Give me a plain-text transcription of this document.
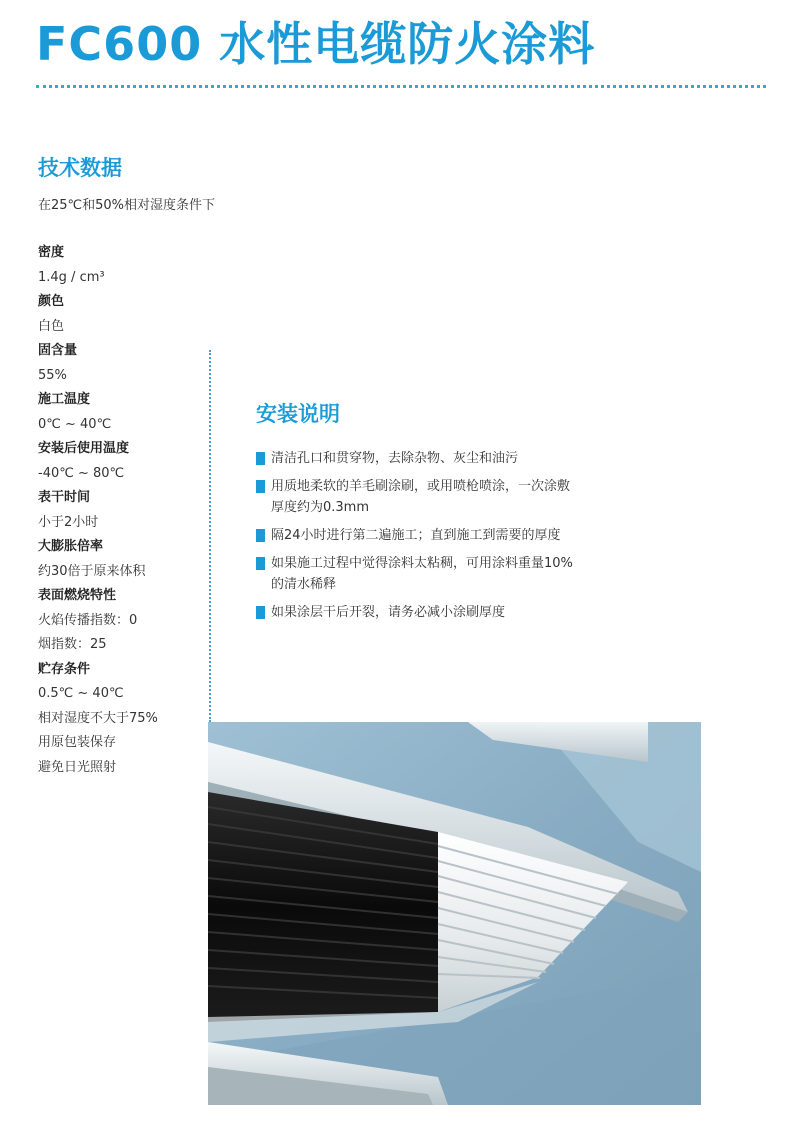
FC600 水性电缆防火涂料
技术数据
在25℃和50%相对湿度条件下
密度
1.4g / cm³
颜色
白色
固含量
55%
施工温度
0℃ ~ 40℃
安装后使用温度
-40℃ ~ 80℃
表干时间
小于2小时
大膨胀倍率
约30倍于原来体积
表面燃烧特性
火焰传播指数：0
烟指数：25
贮存条件
0.5℃ ~ 40℃
相对湿度不大于75%
用原包装保存
避免日光照射
安装说明
清洁孔口和贯穿物，去除杂物、灰尘和油污
用质地柔软的羊毛刷涂刷，或用喷枪喷涂，一次涂敷
厚度约为0.3mm
隔24小时进行第二遍施工；直到施工到需要的厚度
如果施工过程中觉得涂料太粘稠，可用涂料重量10%
的清水稀释
如果涂层干后开裂，请务必减小涂刷厚度
